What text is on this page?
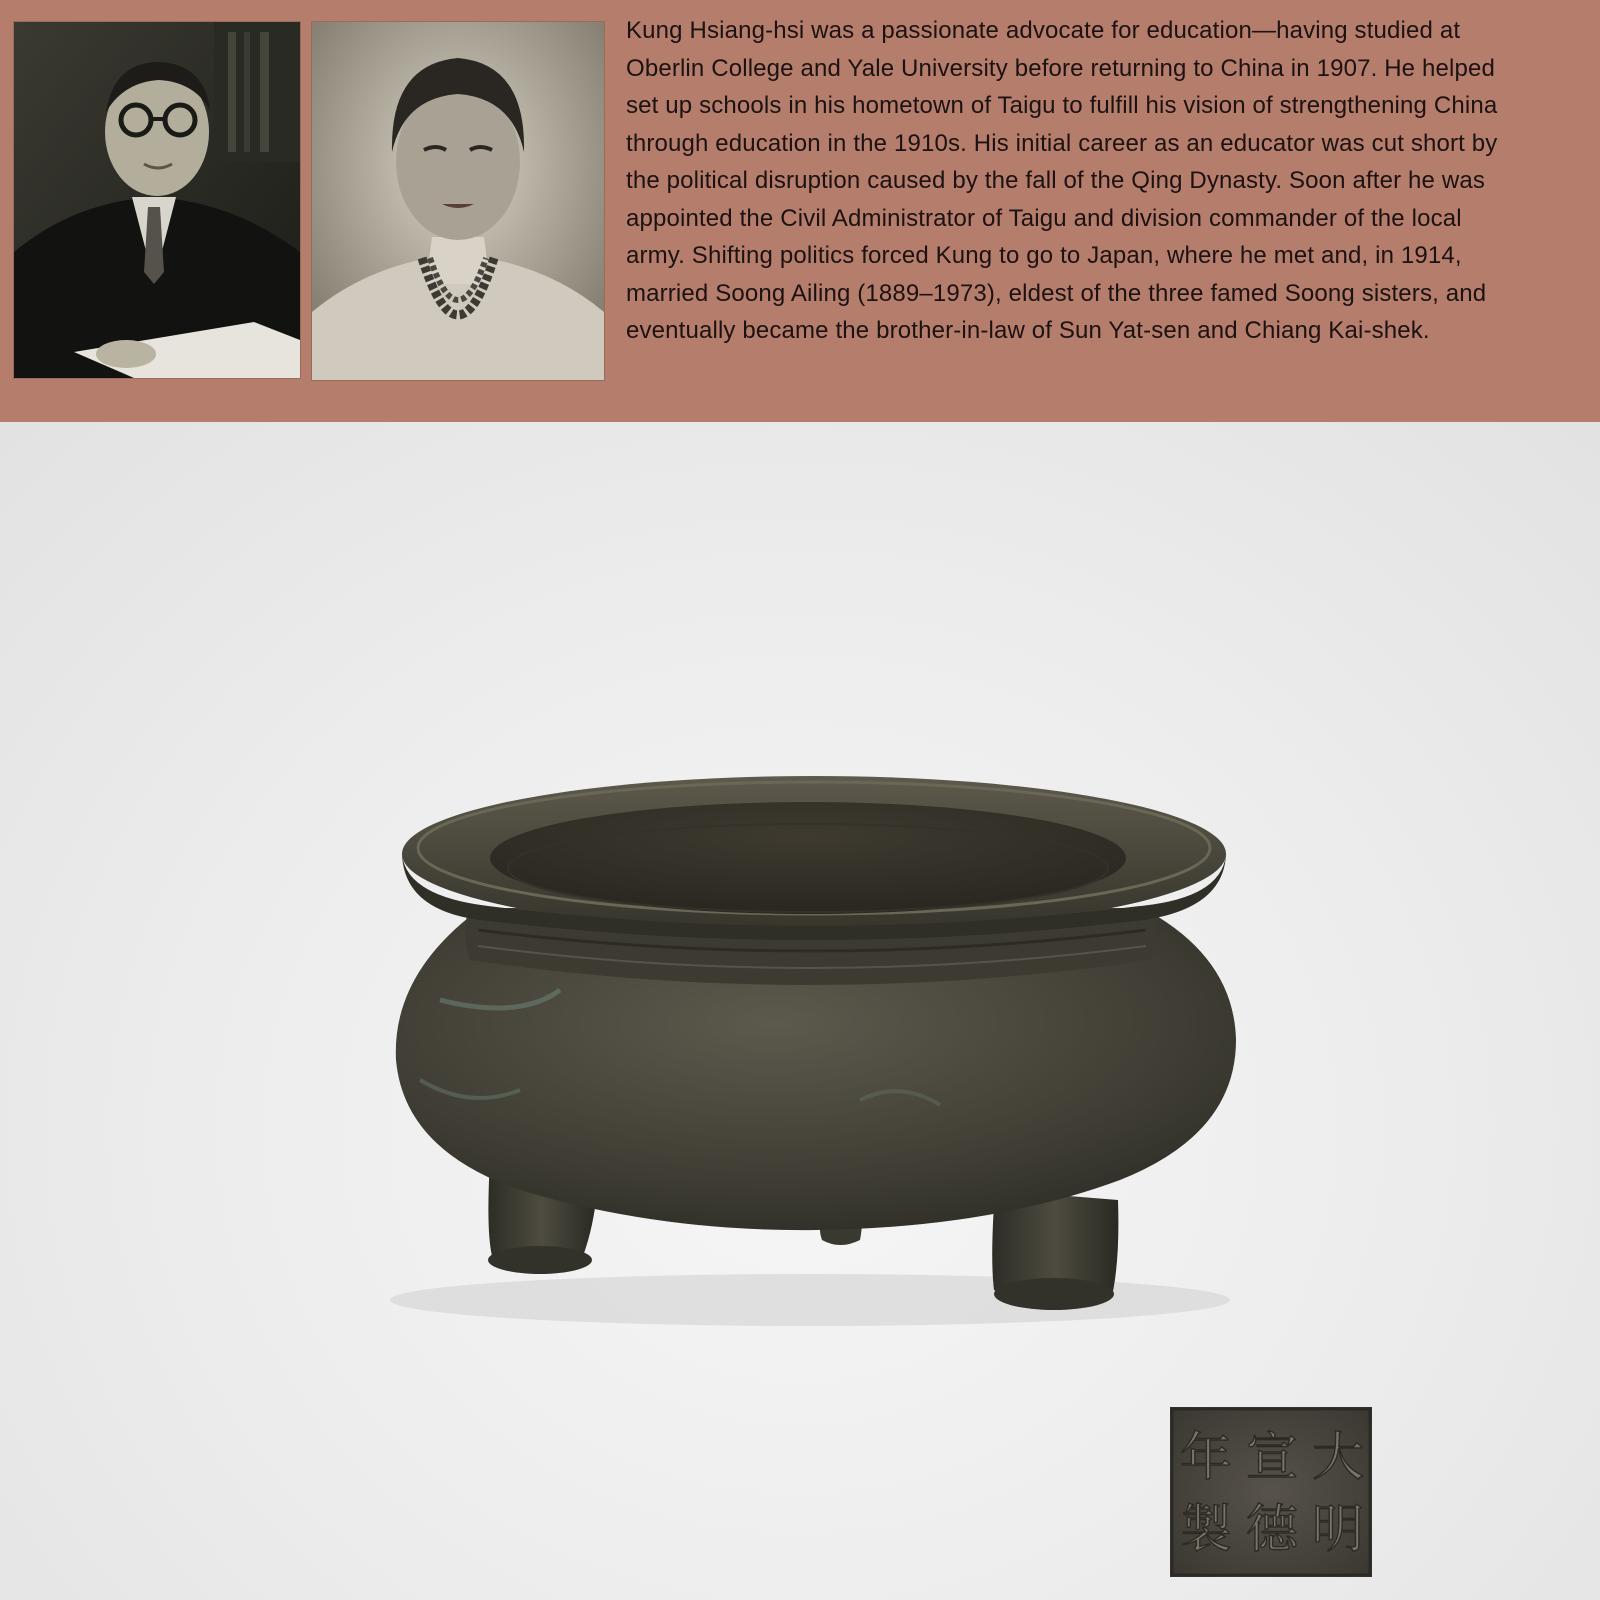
Kung Hsiang-hsi was a passionate advocate for education—having studied at Oberlin College and Yale University before returning to China in 1907. He helped set up schools in his hometown of Taigu to fulfill his vision of strengthening China through education in the 1910s. His initial career as an educator was cut short by the political disruption caused by the fall of the Qing Dynasty. Soon after he was appointed the Civil Administrator of Taigu and division commander of the local army. Shifting politics forced Kung to go to Japan, where he met and, in 1914, married Soong Ailing (1889–1973), eldest of the three famed Soong sisters, and eventually became the brother-in-law of Sun Yat-sen and Chiang Kai-shek.

大
明
宣
德
年
製
